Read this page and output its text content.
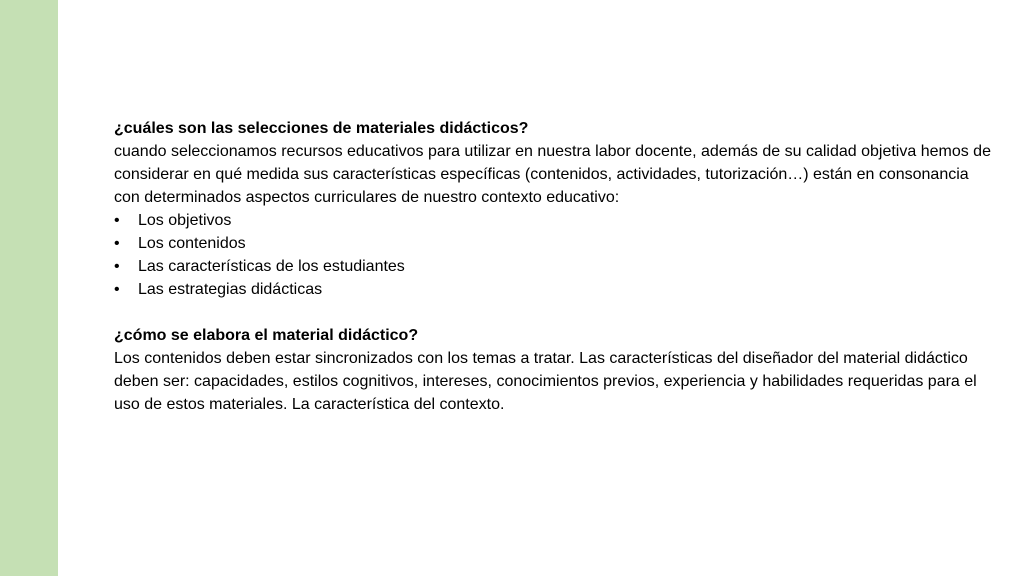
¿cuáles son las selecciones de materiales didácticos?

cuando seleccionamos recursos educativos para utilizar en nuestra labor docente, además de su calidad objetiva hemos de considerar en qué medida sus características específicas (contenidos, actividades, tutorización…) están en consonancia con determinados aspectos curriculares de nuestro contexto educativo:

• Los objetivos
• Los contenidos
• Las características de los estudiantes
• Las estrategias didácticas

¿cómo se elabora el material didáctico?

Los contenidos deben estar sincronizados con los temas a tratar. Las características del diseñador del material didáctico deben ser: capacidades, estilos cognitivos, intereses, conocimientos previos, experiencia y habilidades requeridas para el uso de estos materiales. La característica del contexto.
